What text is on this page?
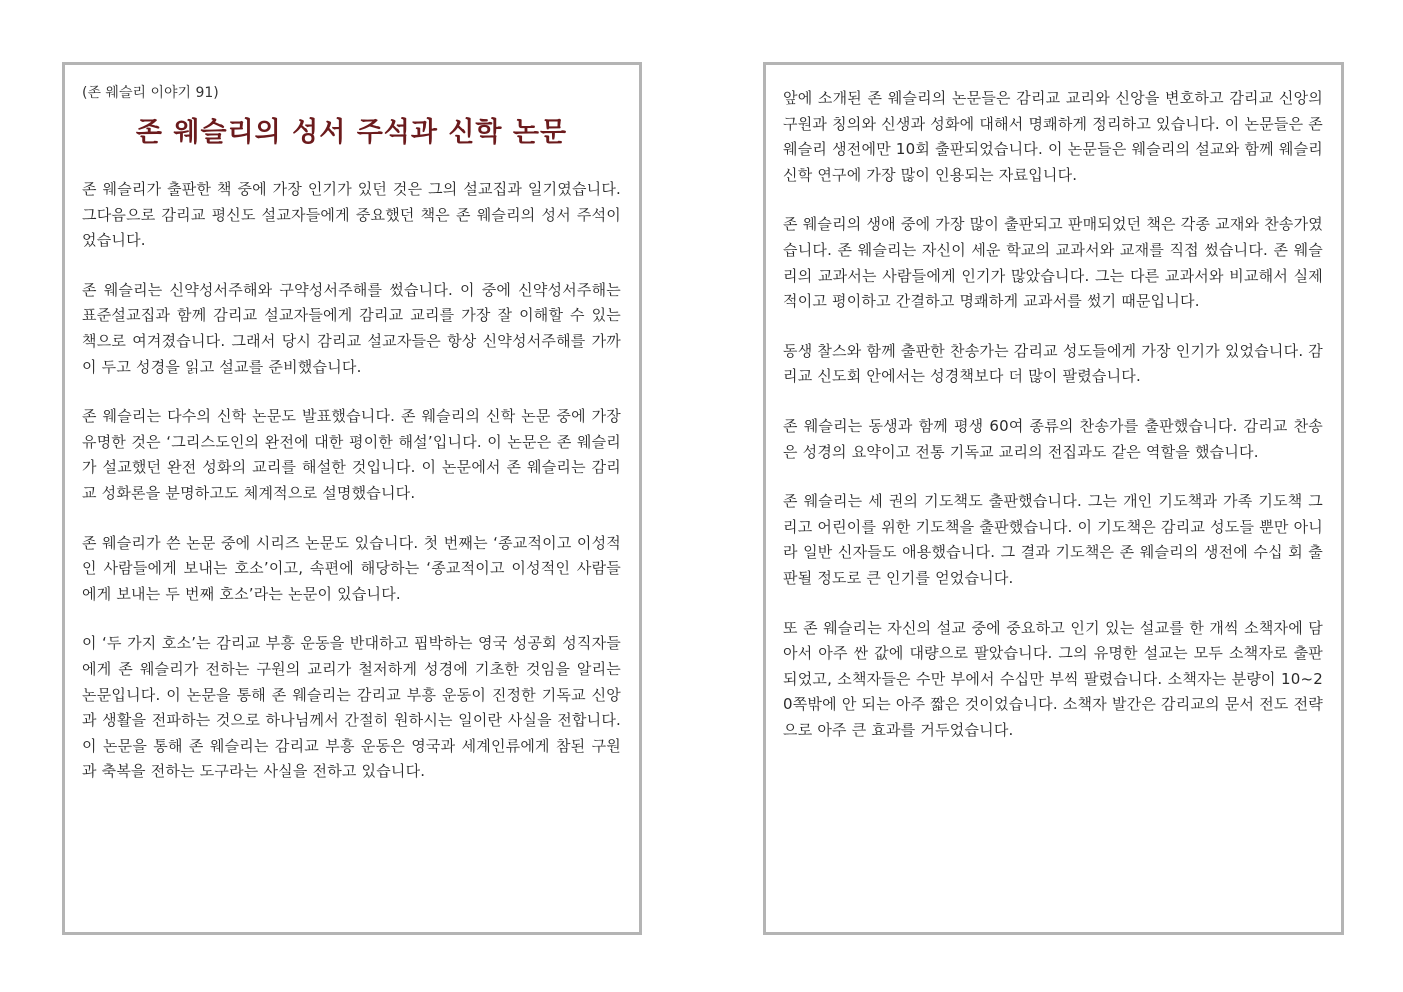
(존 웨슬리 이야기 91)
존 웨슬리의 성서 주석과 신학 논문

존 웨슬리가 출판한 책 중에 가장 인기가 있던 것은 그의 설교집과 일기였습니다. 그다음으로 감리교 평신도 설교자들에게 중요했던 책은 존 웨슬리의 성서 주석이었습니다.

존 웨슬리는 신약성서주해와 구약성서주해를 썼습니다. 이 중에 신약성서주해는 표준설교집과 함께 감리교 설교자들에게 감리교 교리를 가장 잘 이해할 수 있는 책으로 여겨졌습니다. 그래서 당시 감리교 설교자들은 항상 신약성서주해를 가까이 두고 성경을 읽고 설교를 준비했습니다.

존 웨슬리는 다수의 신학 논문도 발표했습니다. 존 웨슬리의 신학 논문 중에 가장 유명한 것은 ‘그리스도인의 완전에 대한 평이한 해설’입니다. 이 논문은 존 웨슬리가 설교했던 완전 성화의 교리를 해설한 것입니다. 이 논문에서 존 웨슬리는 감리교 성화론을 분명하고도 체계적으로 설명했습니다.

존 웨슬리가 쓴 논문 중에 시리즈 논문도 있습니다. 첫 번째는 ‘종교적이고 이성적인 사람들에게 보내는 호소’이고, 속편에 해당하는 ‘종교적이고 이성적인 사람들에게 보내는 두 번째 호소’라는 논문이 있습니다.

이 ‘두 가지 호소’는 감리교 부흥 운동을 반대하고 핍박하는 영국 성공회 성직자들에게 존 웨슬리가 전하는 구원의 교리가 철저하게 성경에 기초한 것임을 알리는 논문입니다. 이 논문을 통해 존 웨슬리는 감리교 부흥 운동이 진정한 기독교 신앙과 생활을 전파하는 것으로 하나님께서 간절히 원하시는 일이란 사실을 전합니다. 이 논문을 통해 존 웨슬리는 감리교 부흥 운동은 영국과 세계인류에게 참된 구원과 축복을 전하는 도구라는 사실을 전하고 있습니다.

앞에 소개된 존 웨슬리의 논문들은 감리교 교리와 신앙을 변호하고 감리교 신앙의 구원과 칭의와 신생과 성화에 대해서 명쾌하게 정리하고 있습니다. 이 논문들은 존 웨슬리 생전에만 10회 출판되었습니다. 이 논문들은 웨슬리의 설교와 함께 웨슬리 신학 연구에 가장 많이 인용되는 자료입니다.

존 웨슬리의 생애 중에 가장 많이 출판되고 판매되었던 책은 각종 교재와 찬송가였습니다. 존 웨슬리는 자신이 세운 학교의 교과서와 교재를 직접 썼습니다. 존 웨슬리의 교과서는 사람들에게 인기가 많았습니다. 그는 다른 교과서와 비교해서 실제적이고 평이하고 간결하고 명쾌하게 교과서를 썼기 때문입니다.

동생 찰스와 함께 출판한 찬송가는 감리교 성도들에게 가장 인기가 있었습니다. 감리교 신도회 안에서는 성경책보다 더 많이 팔렸습니다.

존 웨슬리는 동생과 함께 평생 60여 종류의 찬송가를 출판했습니다. 감리교 찬송은 성경의 요약이고 전통 기독교 교리의 전집과도 같은 역할을 했습니다.

존 웨슬리는 세 권의 기도책도 출판했습니다. 그는 개인 기도책과 가족 기도책 그리고 어린이를 위한 기도책을 출판했습니다. 이 기도책은 감리교 성도들 뿐만 아니라 일반 신자들도 애용했습니다. 그 결과 기도책은 존 웨슬리의 생전에 수십 회 출판될 정도로 큰 인기를 얻었습니다.

또 존 웨슬리는 자신의 설교 중에 중요하고 인기 있는 설교를 한 개씩 소책자에 담아서 아주 싼 값에 대량으로 팔았습니다. 그의 유명한 설교는 모두 소책자로 출판되었고, 소책자들은 수만 부에서 수십만 부씩 팔렸습니다. 소책자는 분량이 10~20쪽밖에 안 되는 아주 짧은 것이었습니다. 소책자 발간은 감리교의 문서 전도 전략으로 아주 큰 효과를 거두었습니다.
